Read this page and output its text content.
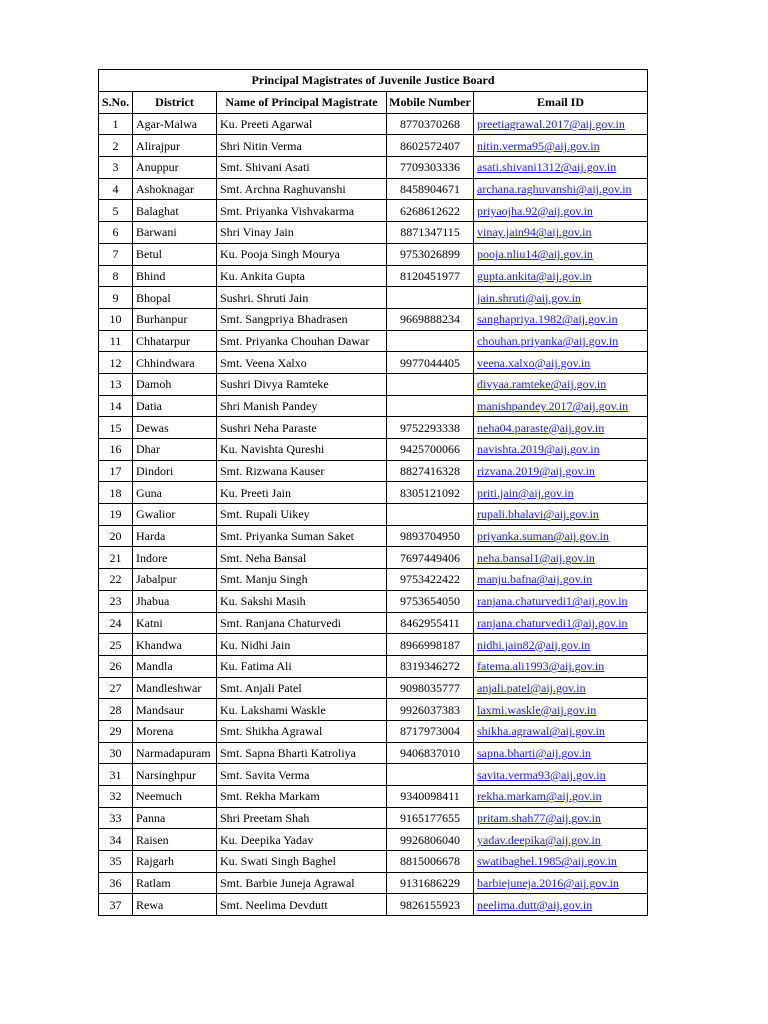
Principal Magistrates of Juvenile Justice Board				
S.No.	District	Name of Principal Magistrate	Mobile Number	Email ID
1	Agar-Malwa	Ku. Preeti Agarwal	8770370268	preetiagrawal.2017@aij.gov.in
2	Alirajpur	Shri Nitin Verma	8602572407	nitin.verma95@aij.gov.in
3	Anuppur	Smt. Shivani Asati	7709303336	asati.shivani1312@aij.gov.in
4	Ashoknagar	Smt. Archna Raghuvanshi	8458904671	archana.raghuvanshi@aij.gov.in
5	Balaghat	Smt. Priyanka Vishvakarma	6268612622	priyaojha.92@aij.gov.in
6	Barwani	Shri Vinay Jain	8871347115	vinay.jain94@aij.gov.in
7	Betul	Ku. Pooja Singh Mourya	9753026899	pooja.nliu14@aij.gov.in
8	Bhind	Ku. Ankita Gupta	8120451977	gupta.ankita@aij.gov.in
9	Bhopal	Sushri. Shruti Jain		jain.shruti@aij.gov.in
10	Burhanpur	Smt. Sangpriya Bhadrasen	9669888234	sanghapriya.1982@aij.gov.in
11	Chhatarpur	Smt. Priyanka Chouhan Dawar		chouhan.priyanka@aij.gov.in
12	Chhindwara	Smt. Veena Xalxo	9977044405	veena.xalxo@aij.gov.in
13	Damoh	Sushri Divya Ramteke		divyaa.ramteke@aij.gov.in
14	Datia	Shri Manish Pandey		manishpandey.2017@aij.gov.in
15	Dewas	Sushri Neha Paraste	9752293338	neha04.paraste@aij.gov.in
16	Dhar	Ku. Navishta Qureshi	9425700066	navishta.2019@aij.gov.in
17	Dindori	Smt. Rizwana Kauser	8827416328	rizvana.2019@aij.gov.in
18	Guna	Ku. Preeti Jain	8305121092	priti.jain@aij.gov.in
19	Gwalior	Smt. Rupali Uikey		rupali.bhalavi@aij.gov.in
20	Harda	Smt. Priyanka Suman Saket	9893704950	priyanka.suman@aij.gov.in
21	Indore	Smt. Neha Bansal	7697449406	neha.bansal1@aij.gov.in
22	Jabalpur	Smt. Manju Singh	9753422422	manju.bafna@aij.gov.in
23	Jhabua	Ku. Sakshi Masih	9753654050	ranjana.chaturvedi1@aij.gov.in
24	Katni	Smt. Ranjana Chaturvedi	8462955411	ranjana.chaturvedi1@aij.gov.in
25	Khandwa	Ku. Nidhi Jain	8966998187	nidhi.jain82@aij.gov.in
26	Mandla	Ku. Fatima Ali	8319346272	fatema.ali1993@aij.gov.in
27	Mandleshwar	Smt. Anjali Patel	9098035777	anjali.patel@aij.gov.in
28	Mandsaur	Ku. Lakshami Waskle	9926037383	laxmi.waskle@aij.gov.in
29	Morena	Smt. Shikha Agrawal	8717973004	shikha.agrawal@aij.gov.in
30	Narmadapuram	Smt. Sapna Bharti Katroliya	9406837010	sapna.bharti@aij.gov.in
31	Narsinghpur	Smt. Savita Verma		savita.verma93@aij.gov.in
32	Neemuch	Smt. Rekha Markam	9340098411	rekha.markam@aij.gov.in
33	Panna	Shri Preetam Shah	9165177655	pritam.shah77@aij.gov.in
34	Raisen	Ku. Deepika Yadav	9926806040	yadav.deepika@aij.gov.in
35	Rajgarh	Ku. Swati Singh Baghel	8815006678	swatibaghel.1985@aij.gov.in
36	Ratlam	Smt. Barbie Juneja Agrawal	9131686229	barbiejuneja.2016@aij.gov.in
37	Rewa	Smt. Neelima Devdutt	9826155923	neelima.dutt@aij.gov.in
